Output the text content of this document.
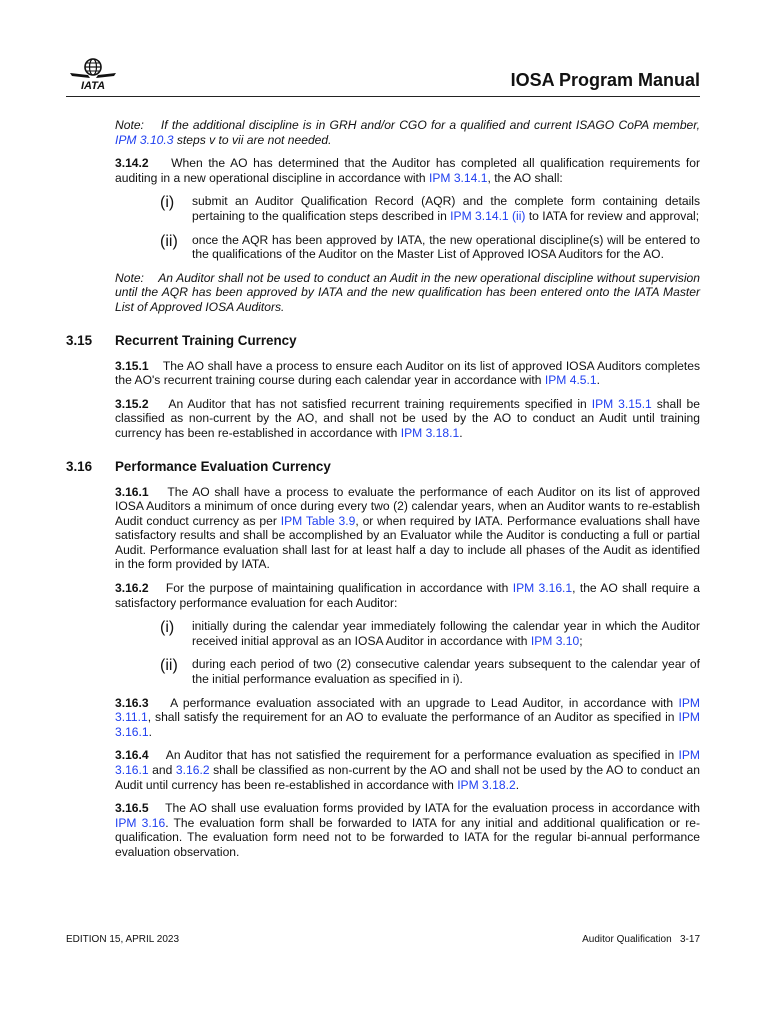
IATA	IOSA Program Manual

Note: If the additional discipline is in GRH and/or CGO for a qualified and current ISAGO CoPA member, IPM 3.10.3 steps v to vii are not needed.

3.14.2 When the AO has determined that the Auditor has completed all qualification requirements for auditing in a new operational discipline in accordance with IPM 3.14.1, the AO shall:

(i)	submit an Auditor Qualification Record (AQR) and the complete form containing details pertaining to the qualification steps described in IPM 3.14.1 (ii) to IATA for review and approval;

(ii)	once the AQR has been approved by IATA, the new operational discipline(s) will be entered to the qualifications of the Auditor on the Master List of Approved IOSA Auditors for the AO.

Note: An Auditor shall not be used to conduct an Audit in the new operational discipline without supervision until the AQR has been approved by IATA and the new qualification has been entered onto the IATA Master List of Approved IOSA Auditors.

3.15	Recurrent Training Currency

3.15.1 The AO shall have a process to ensure each Auditor on its list of approved IOSA Auditors completes the AO's recurrent training course during each calendar year in accordance with IPM 4.5.1.

3.15.2 An Auditor that has not satisfied recurrent training requirements specified in IPM 3.15.1 shall be classified as non-current by the AO, and shall not be used by the AO to conduct an Audit until training currency has been re-established in accordance with IPM 3.18.1.

3.16	Performance Evaluation Currency

3.16.1 The AO shall have a process to evaluate the performance of each Auditor on its list of approved IOSA Auditors a minimum of once during every two (2) calendar years, when an Auditor wants to re-establish Audit conduct currency as per IPM Table 3.9, or when required by IATA. Performance evaluations shall have satisfactory results and shall be accomplished by an Evaluator while the Auditor is conducting a full or partial Audit. Performance evaluation shall last for at least half a day to include all phases of the Audit as identified in the form provided by IATA.

3.16.2 For the purpose of maintaining qualification in accordance with IPM 3.16.1, the AO shall require a satisfactory performance evaluation for each Auditor:

(i)	initially during the calendar year immediately following the calendar year in which the Auditor received initial approval as an IOSA Auditor in accordance with IPM 3.10;

(ii)	during each period of two (2) consecutive calendar years subsequent to the calendar year of the initial performance evaluation as specified in i).

3.16.3 A performance evaluation associated with an upgrade to Lead Auditor, in accordance with IPM 3.11.1, shall satisfy the requirement for an AO to evaluate the performance of an Auditor as specified in IPM 3.16.1.

3.16.4 An Auditor that has not satisfied the requirement for a performance evaluation as specified in IPM 3.16.1 and 3.16.2 shall be classified as non-current by the AO and shall not be used by the AO to conduct an Audit until currency has been re-established in accordance with IPM 3.18.2.

3.16.5 The AO shall use evaluation forms provided by IATA for the evaluation process in accordance with IPM 3.16. The evaluation form shall be forwarded to IATA for any initial and additional qualification or re-qualification. The evaluation form need not to be forwarded to IATA for the regular bi-annual performance evaluation observation.

EDITION 15, APRIL 2023	Auditor Qualification 3-17
